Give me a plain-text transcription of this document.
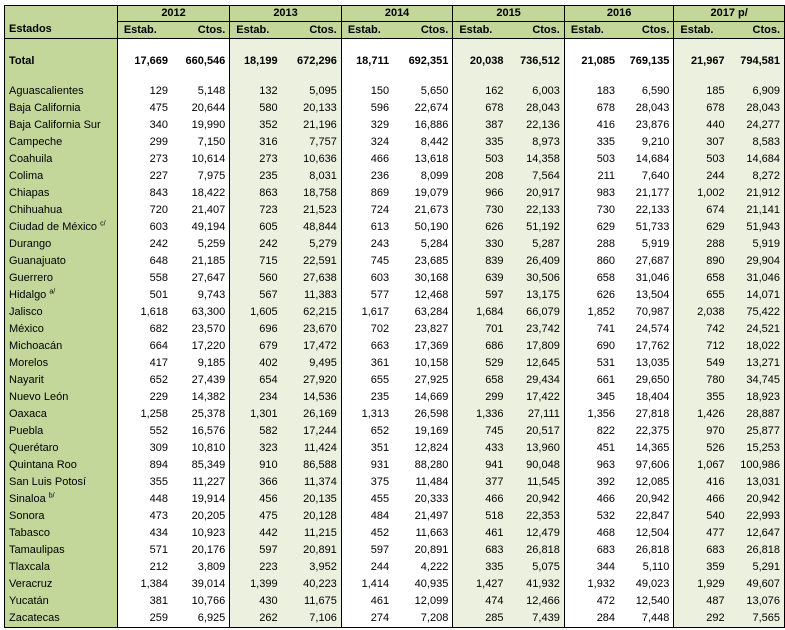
	2012		2013		2014		2015		2016		2017 p/	
Estados	Estab.	Ctos.	Estab.	Ctos.	Estab.	Ctos.	Estab.	Ctos.	Estab.	Ctos.	Estab.	Ctos.

Total	17,669	660,546	18,199	672,296	18,711	692,351	20,038	736,512	21,085	769,135	21,967	794,581

Aguascalientes	129	5,148	132	5,095	150	5,650	162	6,003	183	6,590	185	6,909
Baja California	475	20,644	580	20,133	596	22,674	678	28,043	678	28,043	678	28,043
Baja California Sur	340	19,990	352	21,196	329	16,886	387	22,136	416	23,876	440	24,277
Campeche	299	7,150	316	7,757	324	8,442	335	8,973	335	9,210	307	8,583
Coahuila	273	10,614	273	10,636	466	13,618	503	14,358	503	14,684	503	14,684
Colima	227	7,975	235	8,031	236	8,099	208	7,564	211	7,640	244	8,272
Chiapas	843	18,422	863	18,758	869	19,079	966	20,917	983	21,177	1,002	21,912
Chihuahua	720	21,407	723	21,523	724	21,673	730	22,133	730	22,133	674	21,141
Ciudad de México $^{c/}$	603	49,194	605	48,844	613	50,190	626	51,192	629	51,733	629	51,943
Durango	242	5,259	242	5,279	243	5,284	330	5,287	288	5,919	288	5,919
Guanajuato	648	21,185	715	22,591	745	23,685	839	26,409	860	27,687	890	29,904
Guerrero	558	27,647	560	27,638	603	30,168	639	30,506	658	31,046	658	31,046
Hidalgo $^{a/}$	501	9,743	567	11,383	577	12,468	597	13,175	626	13,504	655	14,071
Jalisco	1,618	63,300	1,605	62,215	1,617	63,284	1,684	66,079	1,852	70,987	2,038	75,422
México	682	23,570	696	23,670	702	23,827	701	23,742	741	24,574	742	24,521
Michoacán	664	17,220	679	17,472	663	17,369	686	17,809	690	17,762	712	18,022
Morelos	417	9,185	402	9,495	361	10,158	529	12,645	531	13,035	549	13,271
Nayarit	652	27,439	654	27,920	655	27,925	658	29,434	661	29,650	780	34,745
Nuevo León	229	14,382	234	14,536	235	14,669	299	17,422	345	18,404	355	18,923
Oaxaca	1,258	25,378	1,301	26,169	1,313	26,598	1,336	27,111	1,356	27,818	1,426	28,887
Puebla	552	16,576	582	17,244	652	19,169	745	20,517	822	22,375	970	25,877
Querétaro	309	10,810	323	11,424	351	12,824	433	13,960	451	14,365	526	15,253
Quintana Roo	894	85,349	910	86,588	931	88,280	941	90,048	963	97,606	1,067	100,986
San Luis Potosí	355	11,227	366	11,374	375	11,484	377	11,545	392	12,085	416	13,031
Sinaloa $^{b/}$	448	19,914	456	20,135	455	20,333	466	20,942	466	20,942	466	20,942
Sonora	473	20,205	475	20,128	484	21,497	518	22,353	532	22,847	540	22,993
Tabasco	434	10,923	442	11,215	452	11,663	461	12,479	468	12,504	477	12,647
Tamaulipas	571	20,176	597	20,891	597	20,891	683	26,818	683	26,818	683	26,818
Tlaxcala	212	3,809	223	3,952	244	4,222	335	5,075	344	5,110	359	5,291
Veracruz	1,384	39,014	1,399	40,223	1,414	40,935	1,427	41,932	1,932	49,023	1,929	49,607
Yucatán	381	10,766	430	11,675	461	12,099	474	12,466	472	12,540	487	13,076
Zacatecas	259	6,925	262	7,106	274	7,208	285	7,439	284	7,448	292	7,565
